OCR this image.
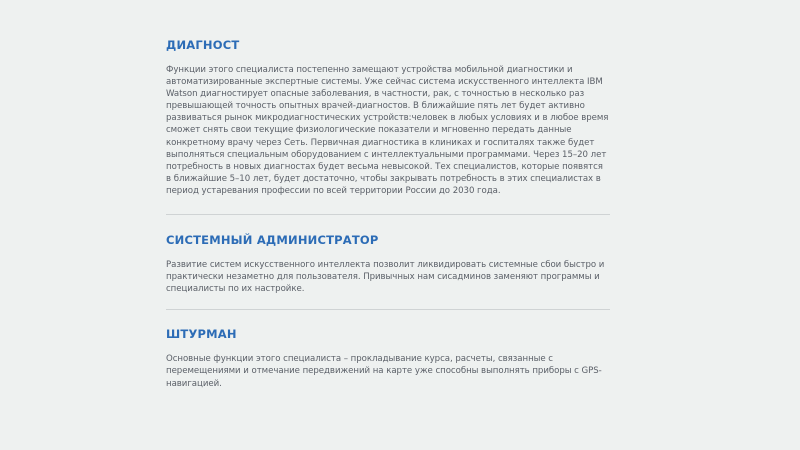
ДИАГНОСТ

Функции этого специалиста постепенно замещают устройства мобильной диагностики и автоматизированные экспертные системы. Уже сейчас система искусственного интеллекта IBM Watson диагностирует опасные заболевания, в частности, рак, с точностью в несколько раз превышающей точность опытных врачей-диагностов. В ближайшие пять лет будет активно развиваться рынок микродиагностических устройств:человек в любых условиях и в любое время сможет снять свои текущие физиологические показатели и мгновенно передать данные конкретному врачу через Сеть. Первичная диагностика в клиниках и госпиталях также будет выполняться специальным оборудованием с интеллектуальными программами. Через 15–20 лет потребность в новых диагностах будет весьма невысокой. Тех специалистов, которые появятся в ближайшие 5–10 лет, будет достаточно, чтобы закрывать потребность в этих специалистах в период устаревания профессии по всей территории России до 2030 года.

СИСТЕМНЫЙ АДМИНИСТРАТОР

Развитие систем искусственного интеллекта позволит ликвидировать системные сбои быстро и практически незаметно для пользователя. Привычных нам сисадминов заменяют программы и специалисты по их настройке.

ШТУРМАН

Основные функции этого специалиста – прокладывание курса, расчеты, связанные с перемещениями и отмечание передвижений на карте уже способны выполнять приборы с GPS-навигацией.
